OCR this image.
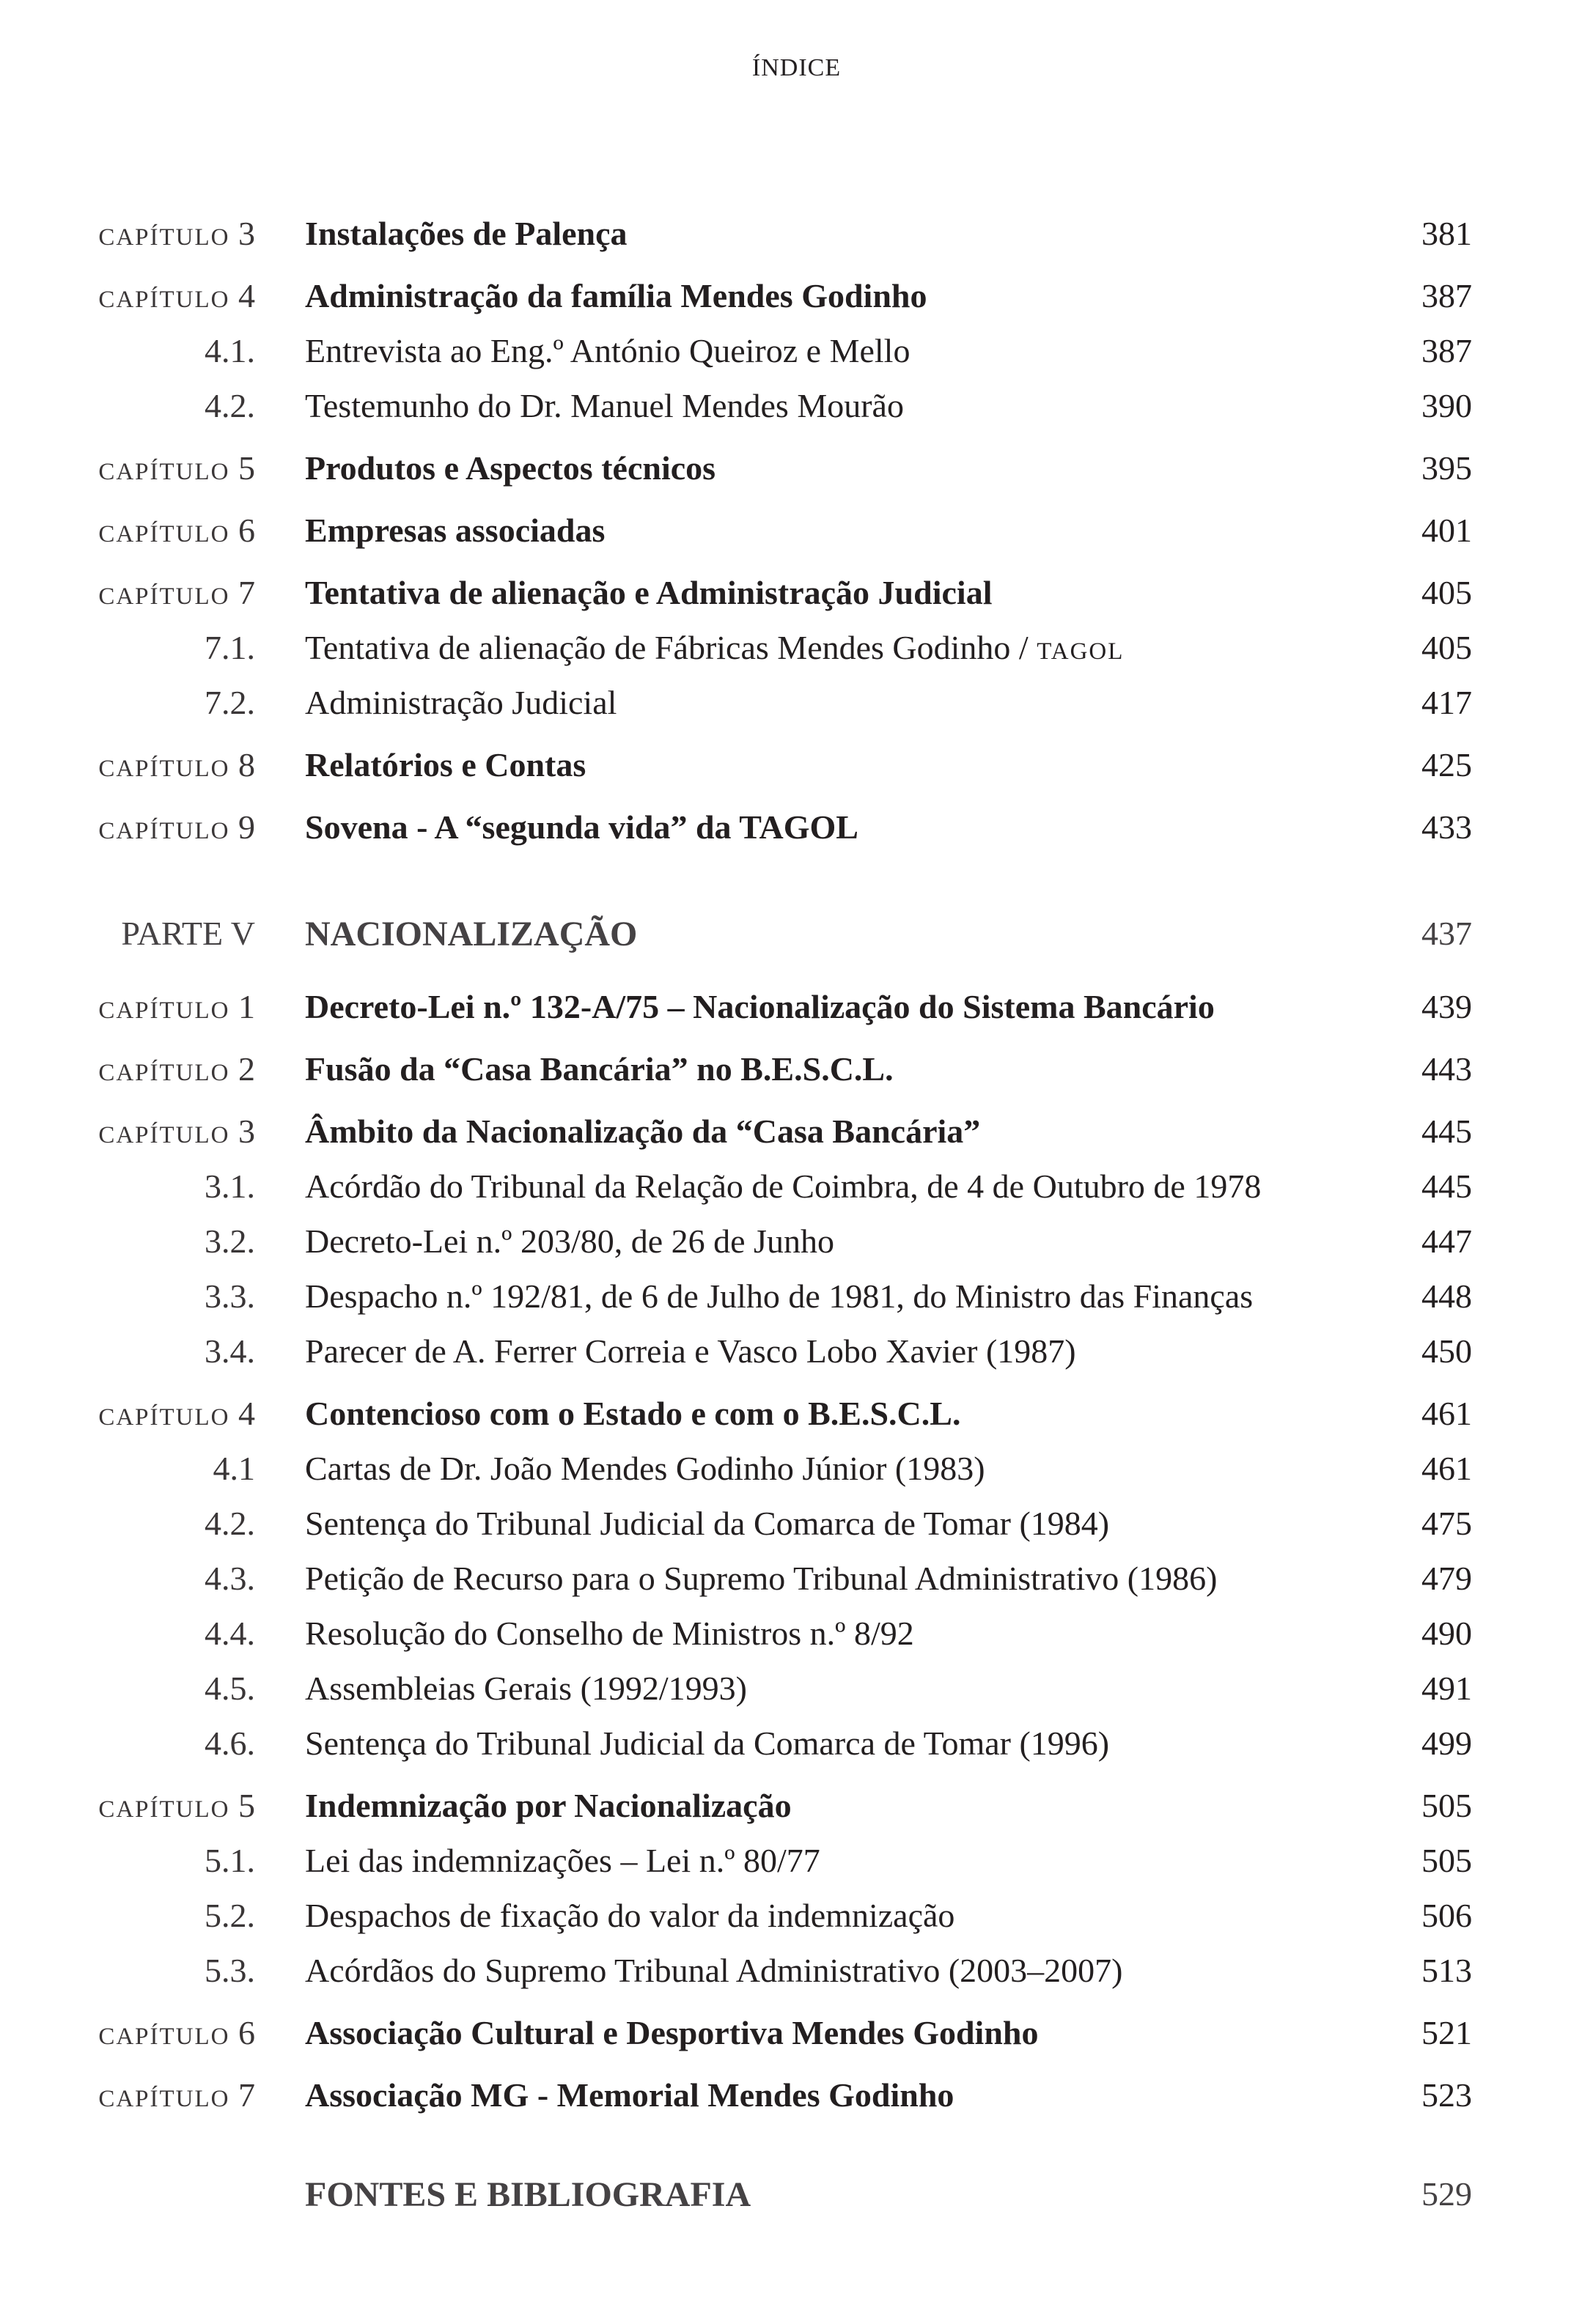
ÍNDICE
CAPÍTULO 3 Instalações de Palença	381
CAPÍTULO 4 Administração da família Mendes Godinho	387
4.1. Entrevista ao Eng.º António Queiroz e Mello	387
4.2. Testemunho do Dr. Manuel Mendes Mourão	390
CAPÍTULO 5 Produtos e Aspectos técnicos	395
CAPÍTULO 6 Empresas associadas	401
CAPÍTULO 7 Tentativa de alienação e Administração Judicial	405
7.1. Tentativa de alienação de Fábricas Mendes Godinho / TAGOL	405
7.2. Administração Judicial	417
CAPÍTULO 8 Relatórios e Contas	425
CAPÍTULO 9 Sovena - A “segunda vida” da TAGOL	433
PARTE V NACIONALIZAÇÃO	437
CAPÍTULO 1 Decreto-Lei n.º 132-A/75 – Nacionalização do Sistema Bancário	439
CAPÍTULO 2 Fusão da “Casa Bancária” no B.E.S.C.L.	443
CAPÍTULO 3 Âmbito da Nacionalização da “Casa Bancária”	445
3.1. Acórdão do Tribunal da Relação de Coimbra, de 4 de Outubro de 1978	445
3.2. Decreto-Lei n.º 203/80, de 26 de Junho	447
3.3. Despacho n.º 192/81, de 6 de Julho de 1981, do Ministro das Finanças	448
3.4. Parecer de A. Ferrer Correia e Vasco Lobo Xavier (1987)	450
CAPÍTULO 4 Contencioso com o Estado e com o B.E.S.C.L.	461
4.1 Cartas de Dr. João Mendes Godinho Júnior (1983)	461
4.2. Sentença do Tribunal Judicial da Comarca de Tomar (1984)	475
4.3. Petição de Recurso para o Supremo Tribunal Administrativo (1986)	479
4.4. Resolução do Conselho de Ministros n.º 8/92	490
4.5. Assembleias Gerais (1992/1993)	491
4.6. Sentença do Tribunal Judicial da Comarca de Tomar (1996)	499
CAPÍTULO 5 Indemnização por Nacionalização	505
5.1. Lei das indemnizações – Lei n.º 80/77	505
5.2. Despachos de fixação do valor da indemnização	506
5.3. Acórdãos do Supremo Tribunal Administrativo (2003–2007)	513
CAPÍTULO 6 Associação Cultural e Desportiva Mendes Godinho	521
CAPÍTULO 7 Associação MG - Memorial Mendes Godinho	523
FONTES E BIBLIOGRAFIA	529
